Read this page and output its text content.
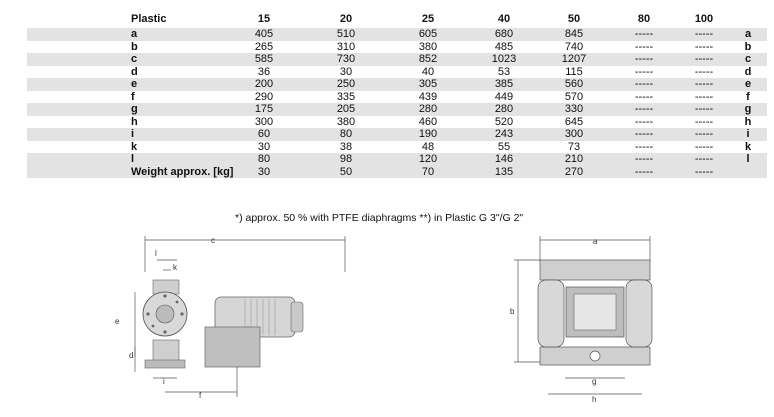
Plastic	15	20	25	40	50	80	100	
a	405	510	605	680	845	-----	-----	a
b	265	310	380	485	740	-----	-----	b
c	585	730	852	1023	1207	-----	-----	c
d	36	30	40	53	115	-----	-----	d
e	200	250	305	385	560	-----	-----	e
f	290	335	439	449	570	-----	-----	f
g	175	205	280	280	330	-----	-----	g
h	300	380	460	520	645	-----	-----	h
i	60	80	190	243	300	-----	-----	i
k	30	38	48	55	73	-----	-----	k
l	80	98	120	146	210	-----	-----	l
Weight approx. [kg]	30	50	70	135	270	-----	-----	
*) approx. 50 % with PTFE diaphragms **) in Plastic G 3"/G 2"
c
l
k
e
d
i
f
a
b
g
h
